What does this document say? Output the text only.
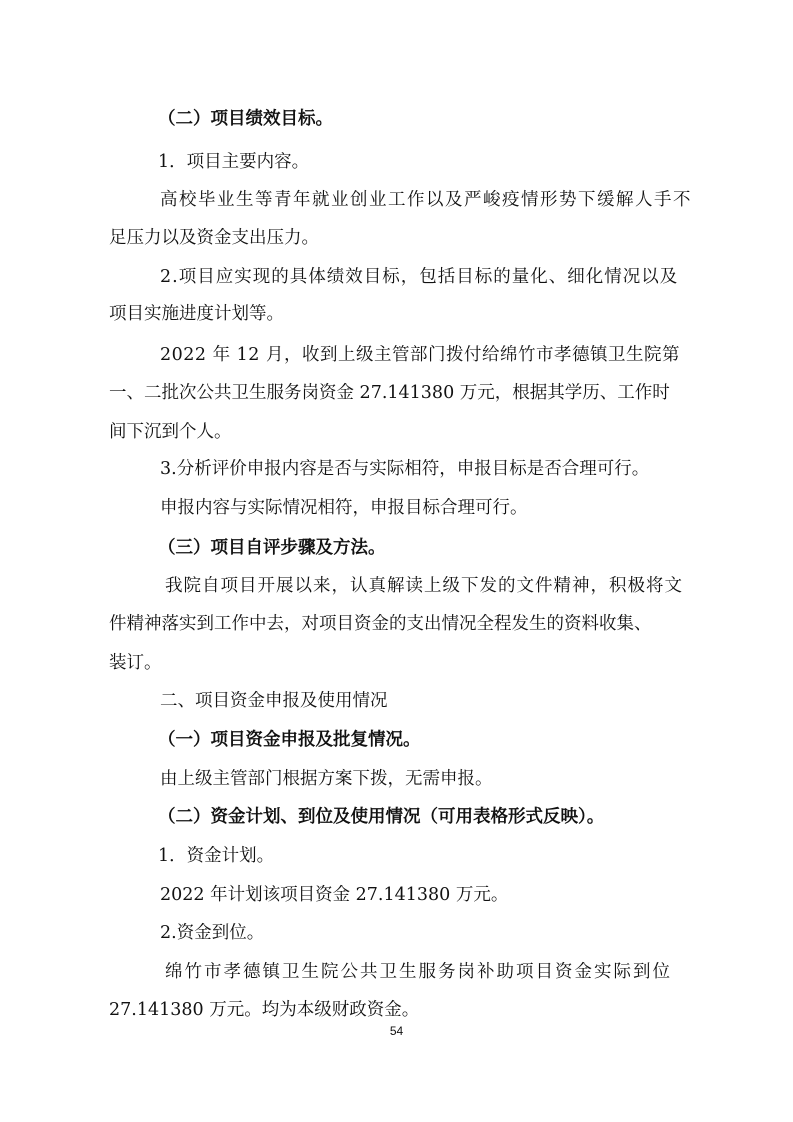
（二）项目绩效目标。
1．项目主要内容。
高校毕业生等青年就业创业工作以及严峻疫情形势下缓解人手不
足压力以及资金支出压力。
2.项目应实现的具体绩效目标，包括目标的量化、细化情况以及
项目实施进度计划等。
2022 年 12 月，收到上级主管部门拨付给绵竹市孝德镇卫生院第
一、二批次公共卫生服务岗资金 27.141380 万元，根据其学历、工作时
间下沉到个人。
3.分析评价申报内容是否与实际相符，申报目标是否合理可行。
申报内容与实际情况相符，申报目标合理可行。
（三）项目自评步骤及方法。
我院自项目开展以来，认真解读上级下发的文件精神，积极将文
件精神落实到工作中去，对项目资金的支出情况全程发生的资料收集、
装订。
二、项目资金申报及使用情况
（一）项目资金申报及批复情况。
由上级主管部门根据方案下拨，无需申报。
（二）资金计划、到位及使用情况（可用表格形式反映）。
1．资金计划。
2022 年计划该项目资金 27.141380 万元。
2.资金到位。
绵竹市孝德镇卫生院公共卫生服务岗补助项目资金实际到位
27.141380 万元。均为本级财政资金。
54
